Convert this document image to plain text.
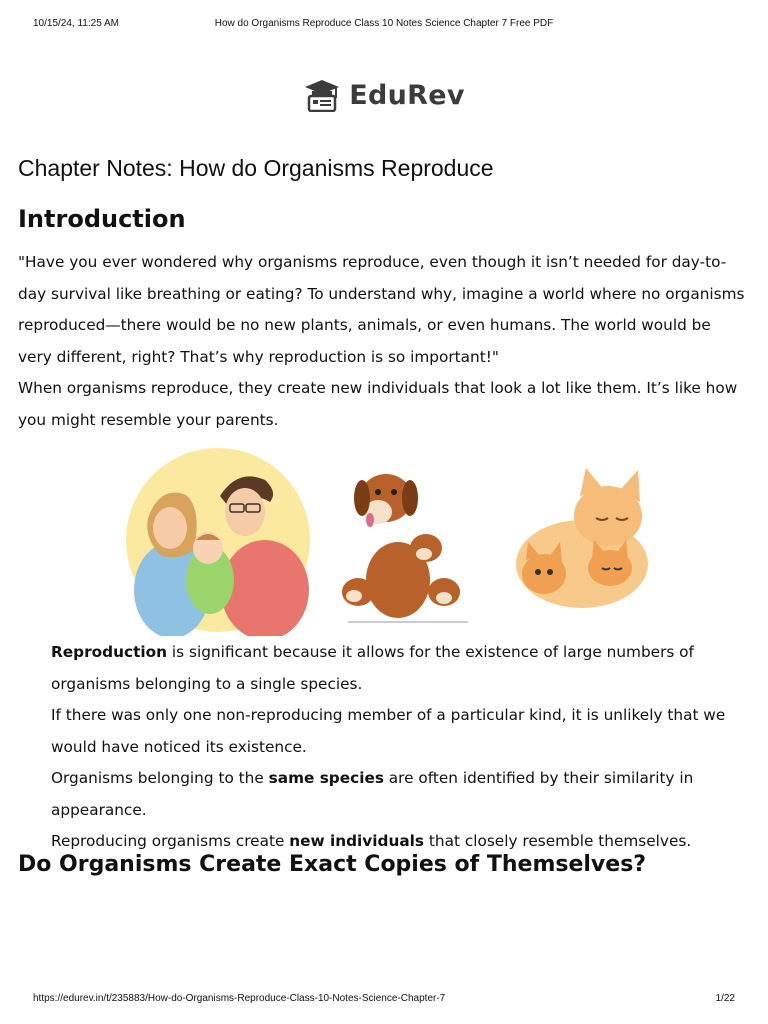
10/15/24, 11:25 AM	How do Organisms Reproduce Class 10 Notes Science Chapter 7 Free PDF
EduRev
Chapter Notes: How do Organisms Reproduce
Introduction

"Have you ever wondered why organisms reproduce, even though it isn’t needed for day-to-day survival like breathing or eating? To understand why, imagine a world where no organisms reproduced—there would be no new plants, animals, or even humans. The world would be very different, right? That’s why reproduction is so important!"

When organisms reproduce, they create new individuals that look a lot like them. It’s like how you might resemble your parents.

Reproduction is significant because it allows for the existence of large numbers of organisms belonging to a single species.

If there was only one non-reproducing member of a particular kind, it is unlikely that we would have noticed its existence.

Organisms belonging to the same species are often identified by their similarity in appearance.

Reproducing organisms create new individuals that closely resemble themselves.

Do Organisms Create Exact Copies of Themselves?
https://edurev.in/t/235883/How-do-Organisms-Reproduce-Class-10-Notes-Science-Chapter-7	1/22
